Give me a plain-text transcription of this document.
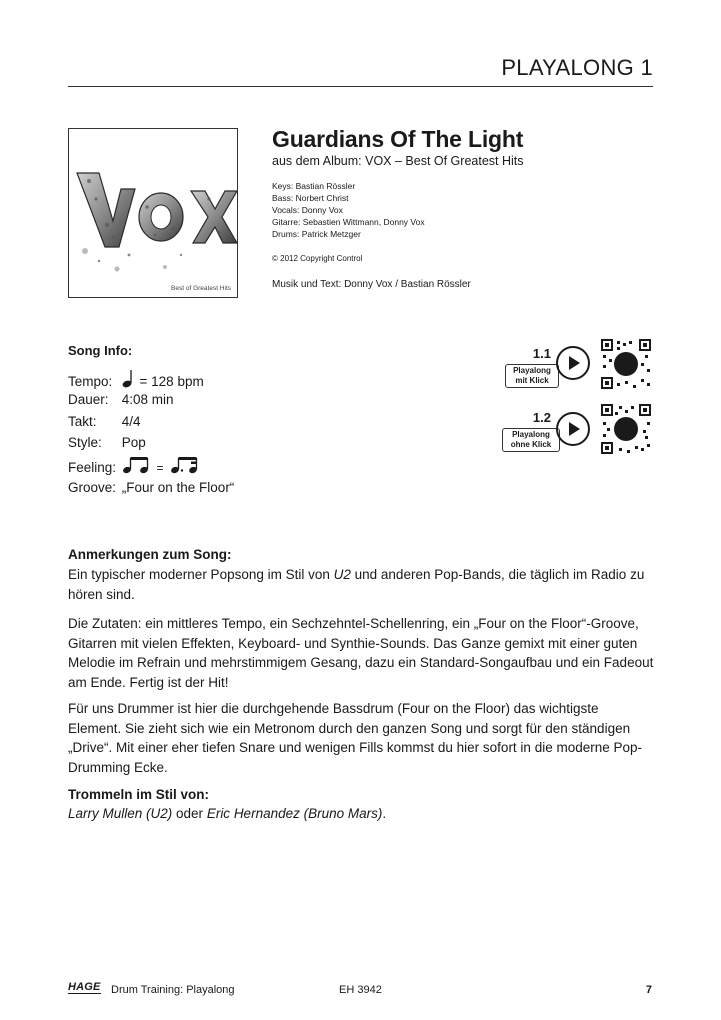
PLAYALONG 1
Best of Greatest Hits
Guardians Of The Light
aus dem Album: VOX – Best Of Greatest Hits
Keys: Bastian Rössler
Bass: Norbert Christ
Vocals: Donny Vox
Gitarre: Sebastien Wittmann, Donny Vox
Drums: Patrick Metzger
© 2012 Copyright Control
Musik und Text: Donny Vox / Bastian Rössler
Song Info:
Tempo: = 128 bpm
Dauer: 4:08 min
Takt: 4/4
Style: Pop
Feeling:	=
Groove: „Four on the Floor“
1.1
Playalong
mit Klick
1.2
Playalong
ohne Klick
Anmerkungen zum Song:
Ein typischer moderner Popsong im Stil von U2 und anderen Pop-Bands, die täglich im Radio zu hören sind.
Die Zutaten: ein mittleres Tempo, ein Sechzehntel-Schellenring, ein „Four on the Floor“-Groove, Gitarren mit vielen Effekten, Keyboard- und Synthie-Sounds. Das Ganze gemixt mit einer guten Melodie im Refrain und mehrstimmigem Gesang, dazu ein Standard-Songaufbau und ein Fadeout am Ende. Fertig ist der Hit!
Für uns Drummer ist hier die durchgehende Bassdrum (Four on the Floor) das wichtigste Element. Sie zieht sich wie ein Metronom durch den ganzen Song und sorgt für den ständigen „Drive“. Mit einer eher tiefen Snare und wenigen Fills kommst du hier sofort in die moderne Pop-Drumming Ecke.
Trommeln im Stil von:
Larry Mullen (U2) oder Eric Hernandez (Bruno Mars).
HAGE Drum Training: Playalong	EH 3942	7
